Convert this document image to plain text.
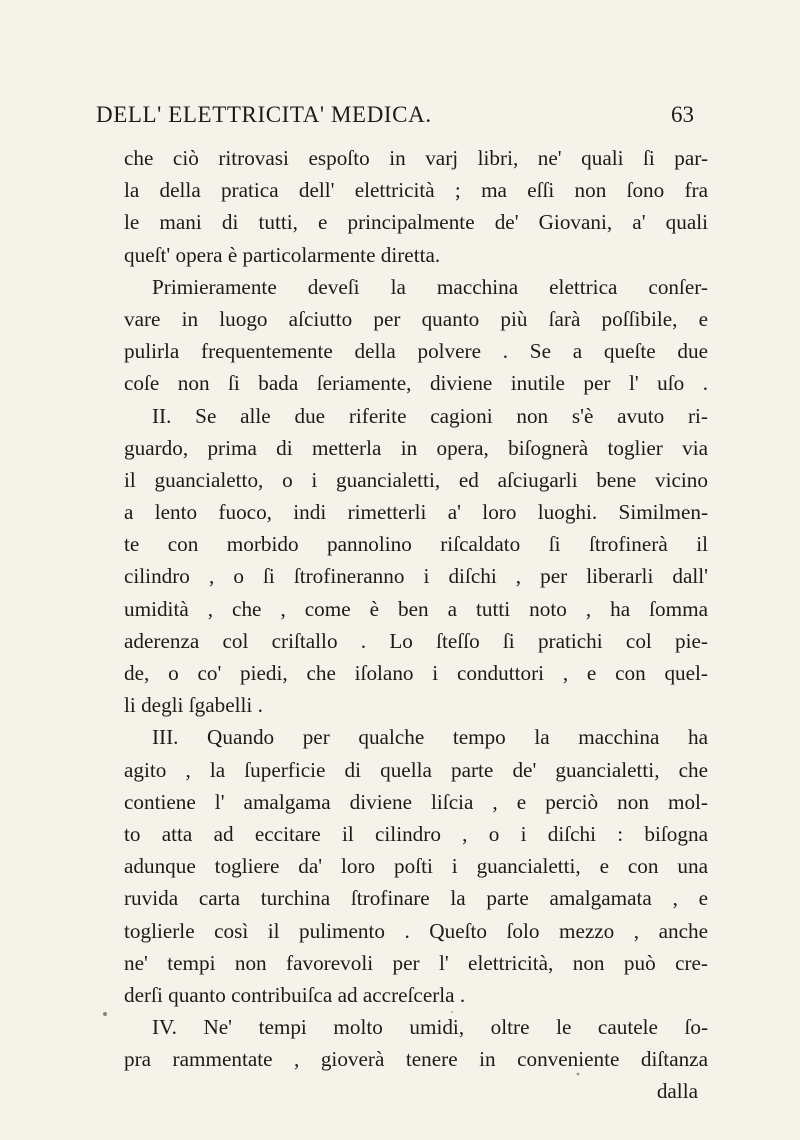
DELL' ELETTRICITA' MEDICA.	63
che ciò ritrovasi espoſto in varj libri, ne' quali ſi par-
la della pratica dell' elettricità ; ma eſſi non ſono fra
le mani di tutti, e principalmente de' Giovani, a' quali
queſt' opera è particolarmente diretta.
Primieramente deveſi la macchina elettrica conſer-
vare in luogo aſciutto per quanto più ſarà poſſibile, e
pulirla frequentemente della polvere . Se a queſte due
coſe non ſi bada ſeriamente, diviene inutile per l' uſo .
II. Se alle due riferite cagioni non s'è avuto ri-
guardo, prima di metterla in opera, biſognerà toglier via
il guancialetto, o i guancialetti, ed aſciugarli bene vicino
a lento fuoco, indi rimetterli a' loro luoghi. Similmen-
te con morbido pannolino riſcaldato ſi ſtrofinerà il
cilindro , o ſi ſtrofineranno i diſchi , per liberarli dall'
umidità , che , come è ben a tutti noto , ha ſomma
aderenza col criſtallo . Lo ſteſſo ſi pratichi col pie-
de, o co' piedi, che iſolano i conduttori , e con quel-
li degli ſgabelli .
III. Quando per qualche tempo la macchina ha
agito , la ſuperficie di quella parte de' guancialetti, che
contiene l' amalgama diviene liſcia , e perciò non mol-
to atta ad eccitare il cilindro , o i diſchi : biſogna
adunque togliere da' loro poſti i guancialetti, e con una
ruvida carta turchina ſtrofinare la parte amalgamata , e
toglierle così il pulimento . Queſto ſolo mezzo , anche
ne' tempi non favorevoli per l' elettricità, non può cre-
derſi quanto contribuiſca ad accreſcerla .
IV. Ne' tempi molto umidi, oltre le cautele ſo-
pra rammentate , gioverà tenere in conveniente diſtanza
dalla
